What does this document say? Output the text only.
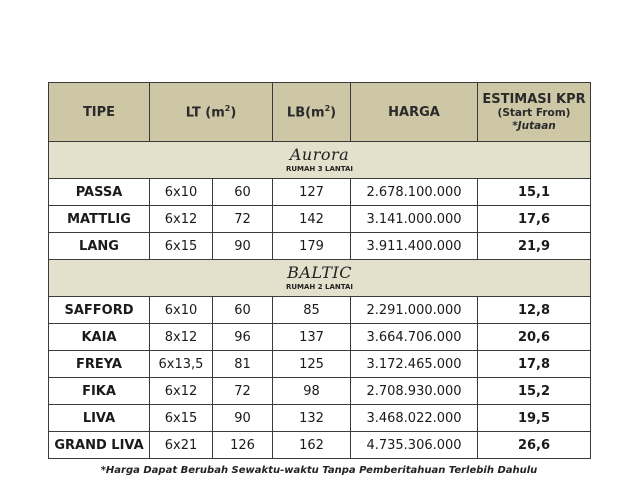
TIPE	LT $(m^2)$		$LB(m^2)$	HARGA	ESTIMASI KPR
(Start From)
*Jutaan

Aurora
RUMAH 3 LANTAI					

PASSA	6x10	60	127	2.678.100.000	15,1
MATTLIG	6x12	72	142	3.141.000.000	17,6
LANG	6x15	90	179	3.911.400.000	21,9

BALTIC
RUMAH 2 LANTAI					

SAFFORD	6x10	60	85	2.291.000.000	12,8
KAIA	8x12	96	137	3.664.706.000	20,6
FREYA	6x13,5	81	125	3.172.465.000	17,8
FIKA	6x12	72	98	2.708.930.000	15,2
LIVA	6x15	90	132	3.468.022.000	19,5
GRAND LIVA	6x21	126	162	4.735.306.000	26,6
*Harga Dapat Berubah Sewaktu-waktu Tanpa Pemberitahuan Terlebih Dahulu
